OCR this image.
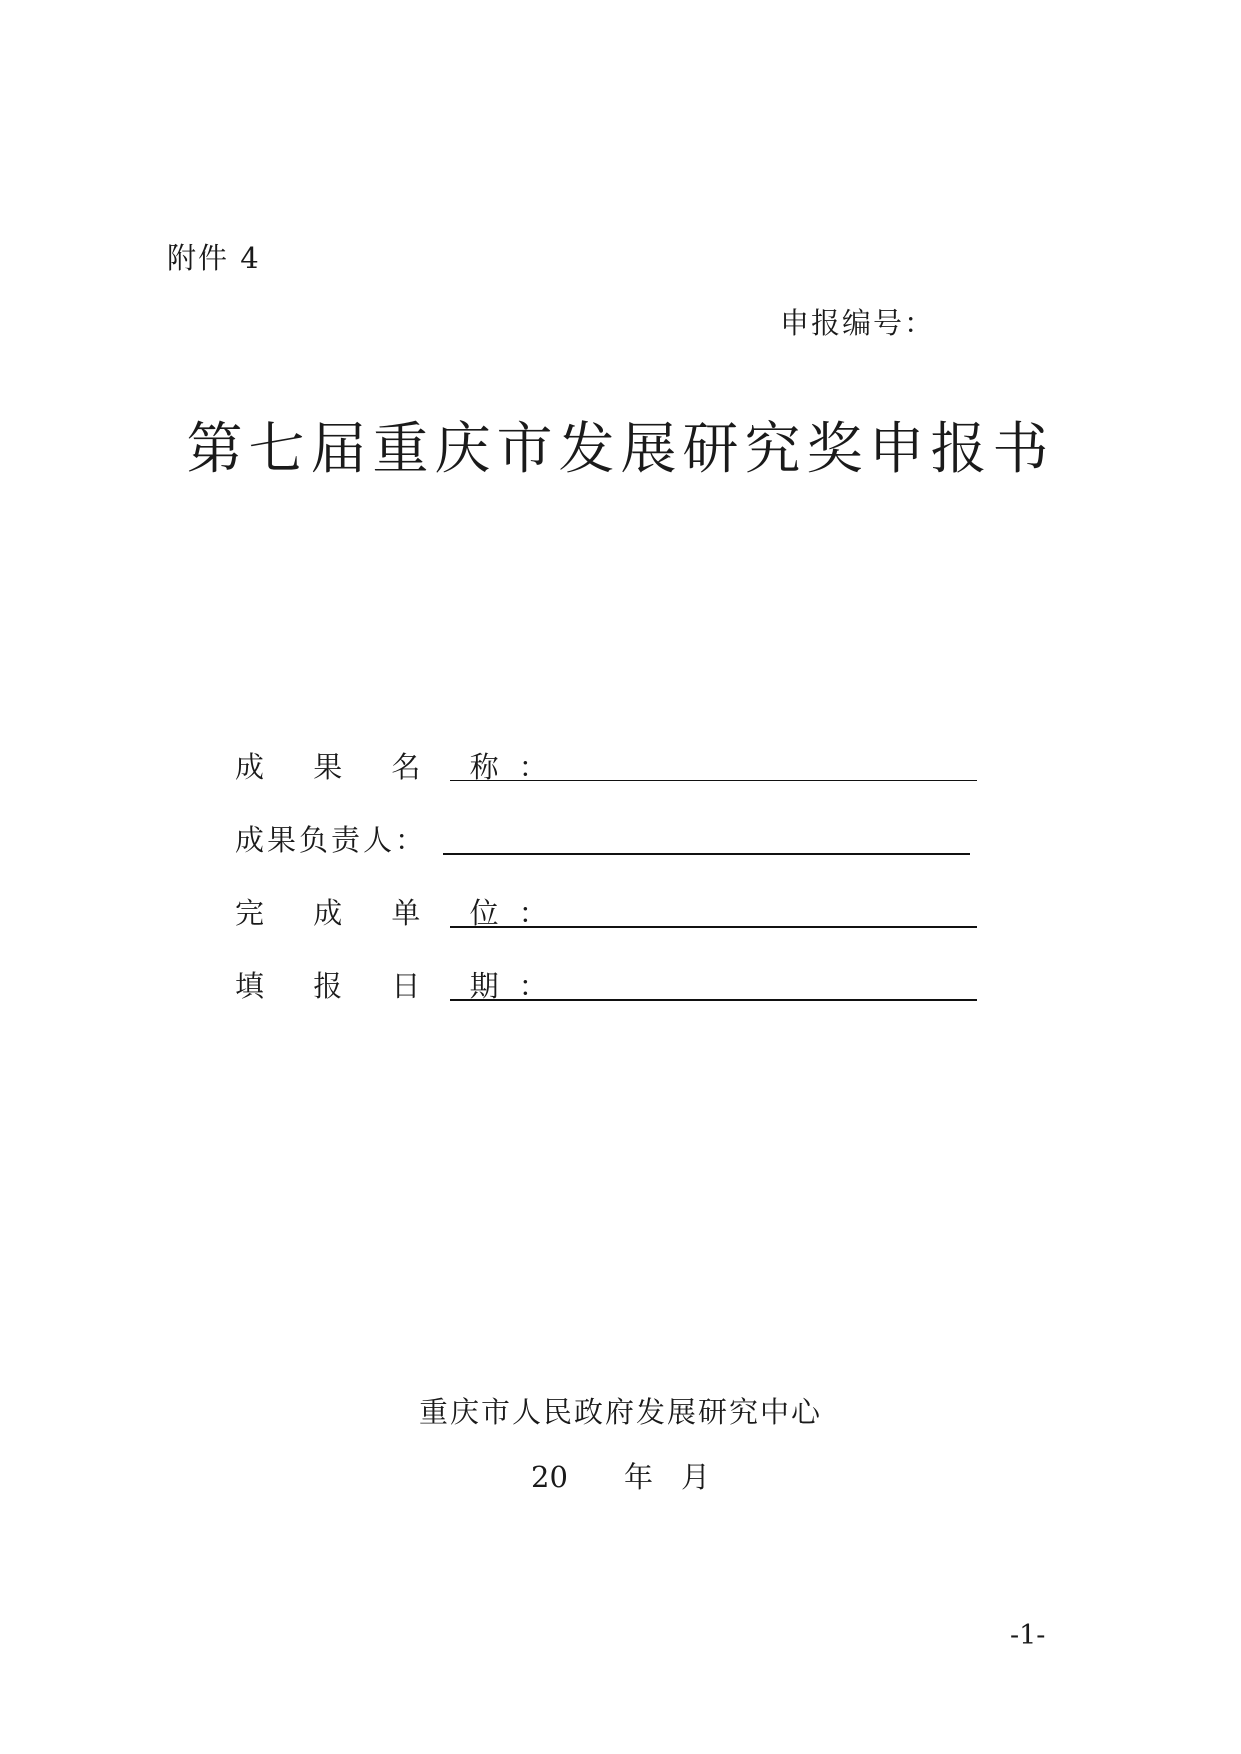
附件 4
申报编号：
第七届重庆市发展研究奖申报书
成 果 名 称：
成果负责人：
完 成 单 位：
填 报 日 期：
重庆市人民政府发展研究中心
20 年 月
-1-
